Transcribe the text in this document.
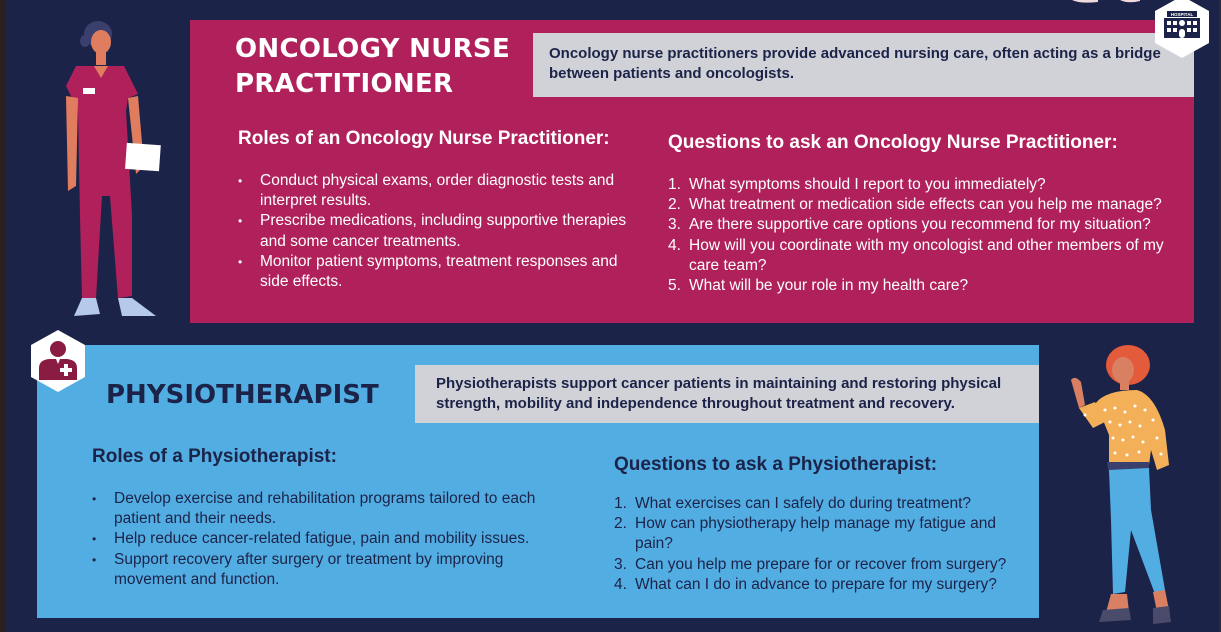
ONCOLOGY NURSE
PRACTITIONER
Oncology nurse practitioners provide advanced nursing care, often acting as a bridge between patients and oncologists.
Roles of an Oncology Nurse Practitioner:
• Conduct physical exams, order diagnostic tests and interpret results.
• Prescribe medications, including supportive therapies and some cancer treatments.
• Monitor patient symptoms, treatment responses and side effects.
Questions to ask an Oncology Nurse Practitioner:
1. What symptoms should I report to you immediately?
2. What treatment or medication side effects can you help me manage?
3. Are there supportive care options you recommend for my situation?
4. How will you coordinate with my oncologist and other members of my care team?
5. What will be your role in my health care?
HOSPITAL
PHYSIOTHERAPIST	Physiotherapists support cancer patients in maintaining and restoring physical strength, mobility and independence throughout treatment and recovery.
Roles of a Physiotherapist:
• Develop exercise and rehabilitation programs tailored to each patient and their needs.
• Help reduce cancer-related fatigue, pain and mobility issues.
• Support recovery after surgery or treatment by improving movement and function.
Questions to ask a Physiotherapist:
1. What exercises can I safely do during treatment?
2. How can physiotherapy help manage my fatigue and pain?
3. Can you help me prepare for or recover from surgery?
4. What can I do in advance to prepare for my surgery?
